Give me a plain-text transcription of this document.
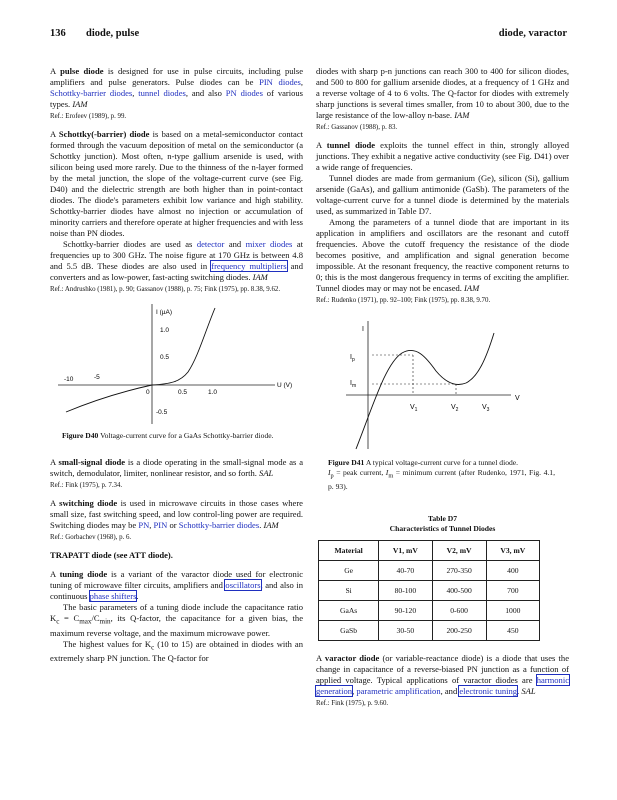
136 diode, pulse	diode, varactor

A pulse diode is designed for use in pulse circuits, including pulse amplifiers and pulse generators. Pulse diodes can be PIN diodes, Schottky-barrier diodes, tunnel diodes, and also PN diodes of various types. IAM

Ref.: Erofeev (1989), p. 99.

A Schottky(-barrier) diode is based on a metal-semiconductor contact formed through the vacuum deposition of metal on the semiconductor (a Schottky junction). Most often, n-type gallium arsenide is used, with silicon being used more rarely. Due to the thinness of the n-layer formed by the metal junction, the slope of the voltage-current curve (see Fig. D40) and the dielectric strength are both higher than in point-contact diodes. The diode's parameters exhibit low variance and high stability. Schottky-barrier diodes have almost no injection or accumulation of minority carriers and therefore operate at higher frequencies and with less noise than PN diodes.

Schottky-barrier diodes are used as detector and mixer diodes at frequencies up to 300 GHz. The noise figure at 170 GHz is between 4.8 and 5.5 dB. These diodes are also used in frequency multipliers and converters and as low-power, fast-acting switching diodes. IAM

Ref.: Andrushko (1981), p. 90; Gassanov (1988), p. 75; Fink (1975), pp. 8.38, 9.62.

I (µA)
U (V)
1.0
0.5
-0.5
-10	-5
0	0.5	1.0

Figure D40 Voltage-current curve for a GaAs Schottky-barrier diode.

A small-signal diode is a diode operating in the small-signal mode as a switch, demodulator, limiter, nonlinear resistor, and so forth. SAL

Ref.: Fink (1975), p. 7.34.

A switching diode is used in microwave circuits in those cases where small size, fast switching speed, and low control-ling power are required. Switching diodes may be PN, PIN or Schottky-barrier diodes. IAM

Ref.: Gorbachev (1968), p. 6.

TRAPATT diode (see ATT diode).

A tuning diode is a variant of the varactor diode used for electronic tuning of microwave filter circuits, amplifiers and oscillators, and also in continuous phase shifters.

The basic parameters of a tuning diode include the capacitance ratio $K_c = C_{max}/C_{min}$, its Q-factor, the capacitance for a given bias, the maximum reverse voltage, and the maximum microwave power.

The highest values for $K_c$ (10 to 15) are obtained in diodes with an extremely sharp PN junction. The Q-factor for

diodes with sharp p-n junctions can reach 300 to 400 for silicon diodes, and 500 to 800 for gallium arsenide diodes, at a frequency of 1 GHz and a reverse voltage of 4 to 6 volts. The Q-factor for diodes with extremely sharp junctions is several times smaller, from 10 to about 300, due to the large resistance of the low-alloy n-base. IAM

Ref.: Gassanov (1988), p. 83.

A tunnel diode exploits the tunnel effect in thin, strongly alloyed junctions. They exhibit a negative active conductivity (see Fig. D41) over a wide range of frequencies.

Tunnel diodes are made from germanium (Ge), silicon (Si), gallium arsenide (GaAs), and gallium antimonide (GaSb). The parameters of the voltage-current curve for a tunnel diode is determined by the materials used, as summarized in Table D7.

Among the parameters of a tunnel diode that are important in its application in amplifiers and oscillators are the resonant and cutoff frequencies. Above the cutoff frequency the resistance of the diode becomes positive, and amplification and signal generation become impossible. At the resonant frequency, the reactive component returns to 0; this is the most dangerous frequency in terms of exciting the amplifier. Tunnel diodes may or may not be encased. IAM

Ref.: Rudenko (1971), pp. 92–100; Fink (1975), pp. 8.38, 9.70.

I
$I_p$
$I_m$
V
$V_1$	$V_2$	$V_3$

Figure D41 A typical voltage-current curve for a tunnel diode.
$I_p$ = peak current, $I_m$ = minimum current (after Rudenko, 1971, Fig. 4.1, p. 93).

Table D7
Characteristics of Tunnel Diodes
Material	V1, mV	V2, mV	V3, mV
Ge	40-70	270-350	400
Si	80-100	400-500	700
GaAs	90-120	0-600	1000
GaSb	30-50	200-250	450

A varactor diode (or variable-reactance diode) is a diode that uses the change in capacitance of a reverse-biased PN junction as a function of applied voltage. Typical applications of varactor diodes are harmonic generation, parametric amplification, and electronic tuning. SAL

Ref.: Fink (1975), p. 9.60.
